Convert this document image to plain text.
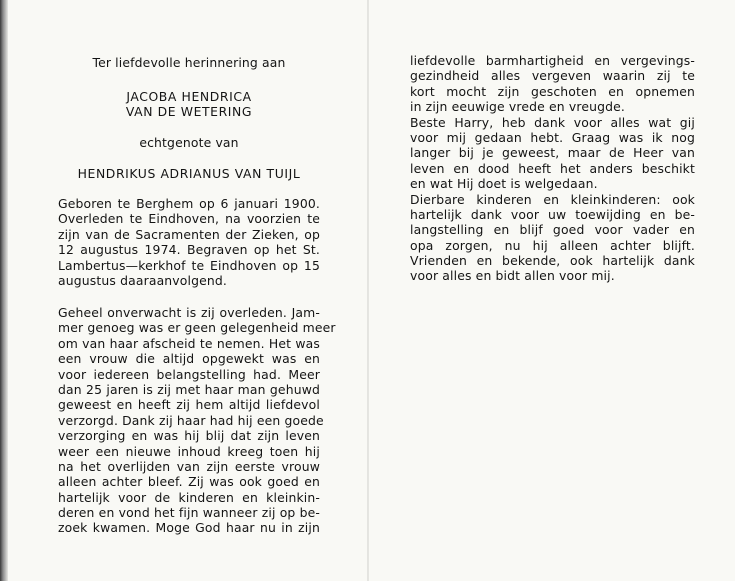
Ter liefdevolle herinnering aan
JACOBA HENDRICA
VAN DE WETERING
echtgenote van
HENDRIKUS ADRIANUS VAN TUIJL
Geboren te Berghem op 6 januari 1900.
Overleden te Eindhoven, na voorzien te
zijn van de Sacramenten der Zieken, op
12 augustus 1974. Begraven op het St.
Lambertus—kerkhof te Eindhoven op 15
augustus daaraanvolgend.
Geheel onverwacht is zij overleden. Jam-
mer genoeg was er geen gelegenheid meer
om van haar afscheid te nemen. Het was
een vrouw die altijd opgewekt was en
voor iedereen belangstelling had. Meer
dan 25 jaren is zij met haar man gehuwd
geweest en heeft zij hem altijd liefdevol
verzorgd. Dank zij haar had hij een goede
verzorging en was hij blij dat zijn leven
weer een nieuwe inhoud kreeg toen hij
na het overlijden van zijn eerste vrouw
alleen achter bleef. Zij was ook goed en
hartelijk voor de kinderen en kleinkin-
deren en vond het fijn wanneer zij op be-
zoek kwamen. Moge God haar nu in zijn
liefdevolle barmhartigheid en vergevings-
gezindheid alles vergeven waarin zij te
kort mocht zijn geschoten en opnemen
in zijn eeuwige vrede en vreugde.
Beste Harry, heb dank voor alles wat gij
voor mij gedaan hebt. Graag was ik nog
langer bij je geweest, maar de Heer van
leven en dood heeft het anders beschikt
en wat Hij doet is welgedaan.
Dierbare kinderen en kleinkinderen: ook
hartelijk dank voor uw toewijding en be-
langstelling en blijf goed voor vader en
opa zorgen, nu hij alleen achter blijft.
Vrienden en bekende, ook hartelijk dank
voor alles en bidt allen voor mij.
